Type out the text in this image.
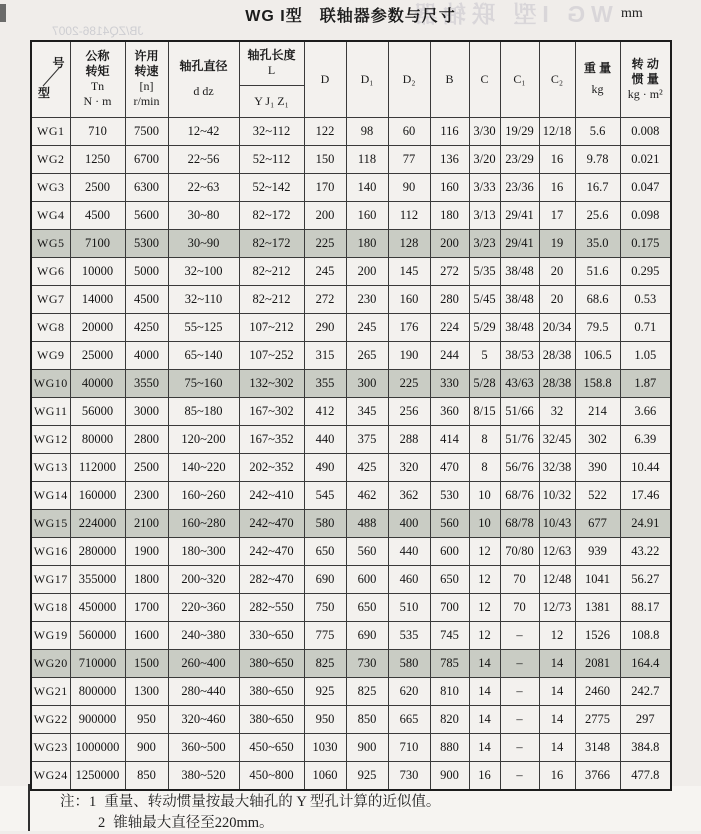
JB/ZQ4186-2007
WG I型 联轴器
WG I型　联轴器参数与尺寸	mm
型
号	公称
转矩
Tn
N · m

许用
转速
[n]
r/min

轴孔直径
d dz

轴孔长度
L
	D	D₁	D₂	B	C	C₁	C₂	
重 量
kg

转 动
惯 量
kg · m²

				Y J₁ Z₁									
WG1	710	7500	12~42	32~112	122	98	60	116	3/30	19/29	12/18	5.6	0.008
WG2	1250	6700	22~56	52~112	150	118	77	136	3/20	23/29	16	9.78	0.021
WG3	2500	6300	22~63	52~142	170	140	90	160	3/33	23/36	16	16.7	0.047
WG4	4500	5600	30~80	82~172	200	160	112	180	3/13	29/41	17	25.6	0.098
WG5	7100	5300	30~90	82~172	225	180	128	200	3/23	29/41	19	35.0	0.175
WG6	10000	5000	32~100	82~212	245	200	145	272	5/35	38/48	20	51.6	0.295
WG7	14000	4500	32~110	82~212	272	230	160	280	5/45	38/48	20	68.6	0.53
WG8	20000	4250	55~125	107~212	290	245	176	224	5/29	38/48	20/34	79.5	0.71
WG9	25000	4000	65~140	107~252	315	265	190	244	5	38/53	28/38	106.5	1.05
WG10	40000	3550	75~160	132~302	355	300	225	330	5/28	43/63	28/38	158.8	1.87
WG11	56000	3000	85~180	167~302	412	345	256	360	8/15	51/66	32	214	3.66
WG12	80000	2800	120~200	167~352	440	375	288	414	8	51/76	32/45	302	6.39
WG13	112000	2500	140~220	202~352	490	425	320	470	8	56/76	32/38	390	10.44
WG14	160000	2300	160~260	242~410	545	462	362	530	10	68/76	10/32	522	17.46
WG15	224000	2100	160~280	242~470	580	488	400	560	10	68/78	10/43	677	24.91
WG16	280000	1900	180~300	242~470	650	560	440	600	12	70/80	12/63	939	43.22
WG17	355000	1800	200~320	282~470	690	600	460	650	12	70	12/48	1041	56.27
WG18	450000	1700	220~360	282~550	750	650	510	700	12	70	12/73	1381	88.17
WG19	560000	1600	240~380	330~650	775	690	535	745	12	–	12	1526	108.8
WG20	710000	1500	260~400	380~650	825	730	580	785	14	–	14	2081	164.4
WG21	800000	1300	280~440	380~650	925	825	620	810	14	–	14	2460	242.7
WG22	900000	950	320~460	380~650	950	850	665	820	14	–	14	2775	297
WG23	1000000	900	360~500	450~650	1030	900	710	880	14	–	14	3148	384.8
WG24	1250000	850	380~520	450~800	1060	925	730	900	16	–	16	3766	477.8
注：1 重量、转动惯量按最大轴孔的 Y 型孔计算的近似值。
2 锥轴最大直径至220mm。
